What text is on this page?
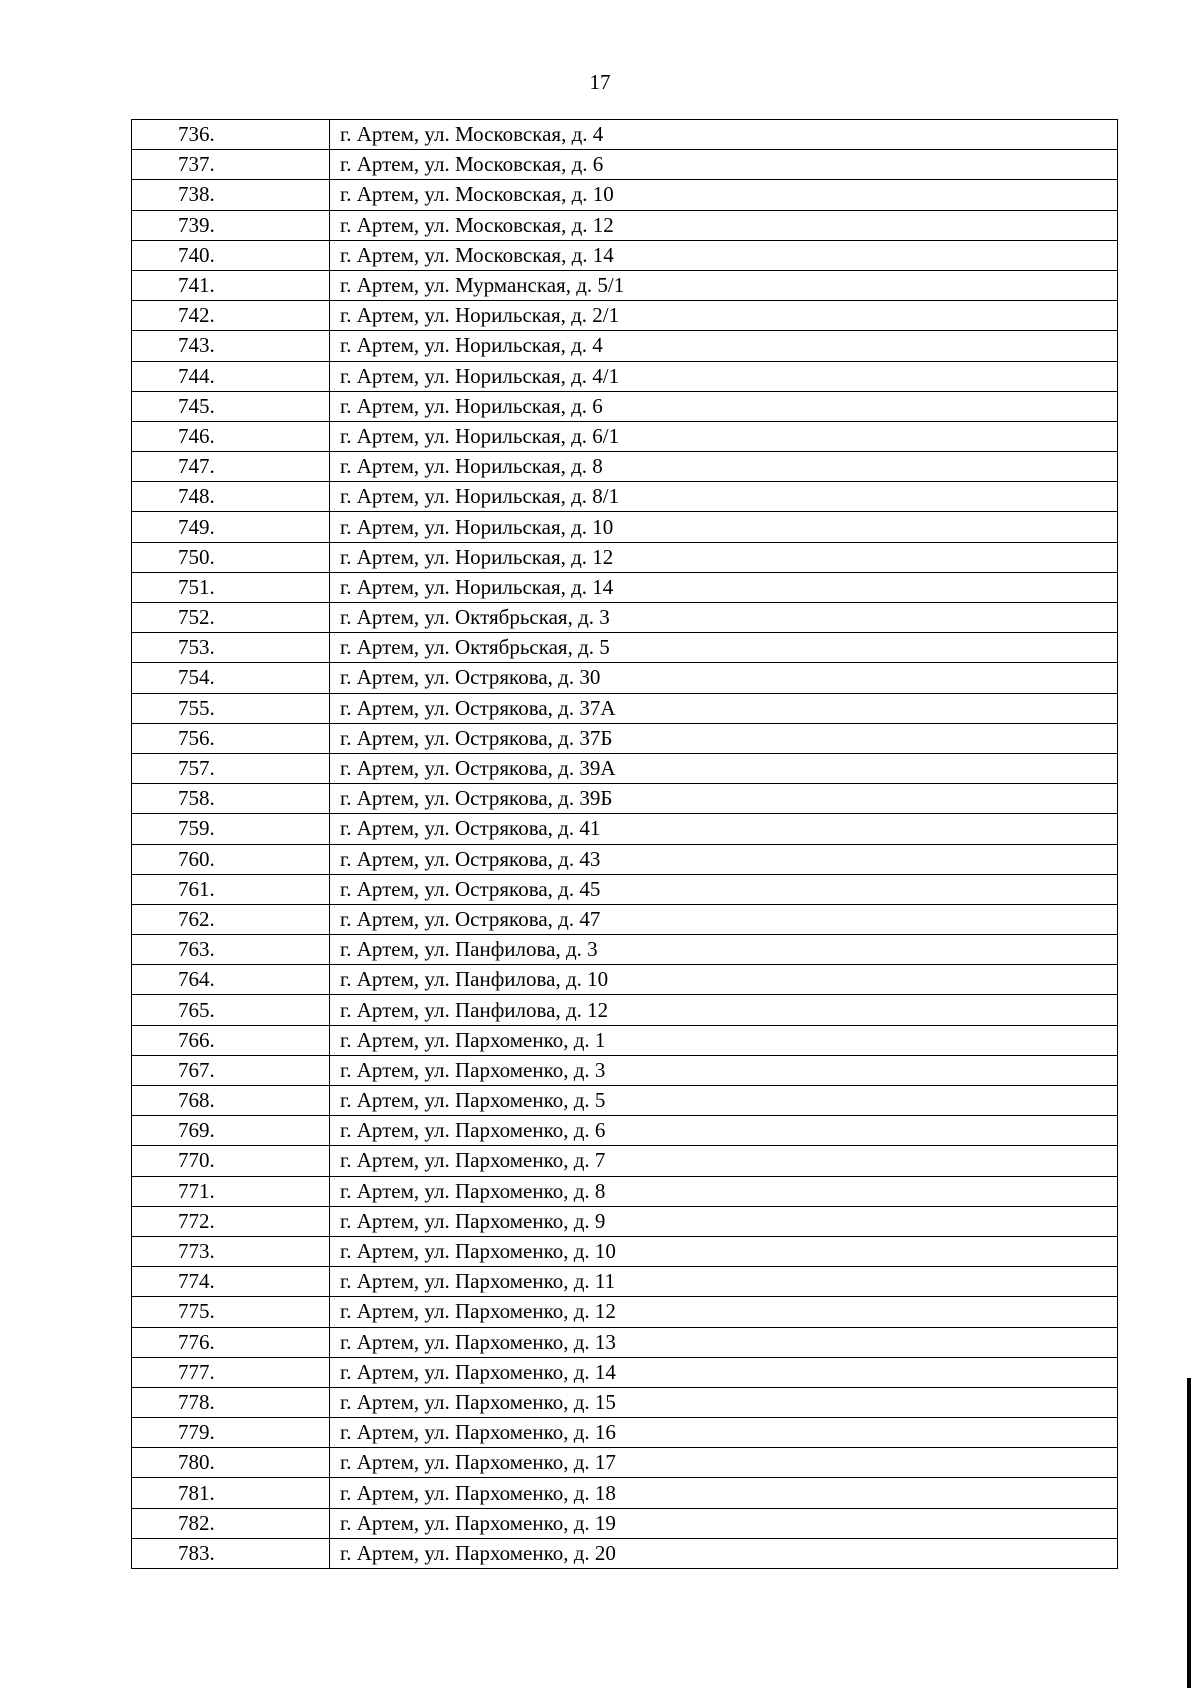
17
736.	г. Артем, ул. Московская, д. 4
737.	г. Артем, ул. Московская, д. 6
738.	г. Артем, ул. Московская, д. 10
739.	г. Артем, ул. Московская, д. 12
740.	г. Артем, ул. Московская, д. 14
741.	г. Артем, ул. Мурманская, д. 5/1
742.	г. Артем, ул. Норильская, д. 2/1
743.	г. Артем, ул. Норильская, д. 4
744.	г. Артем, ул. Норильская, д. 4/1
745.	г. Артем, ул. Норильская, д. 6
746.	г. Артем, ул. Норильская, д. 6/1
747.	г. Артем, ул. Норильская, д. 8
748.	г. Артем, ул. Норильская, д. 8/1
749.	г. Артем, ул. Норильская, д. 10
750.	г. Артем, ул. Норильская, д. 12
751.	г. Артем, ул. Норильская, д. 14
752.	г. Артем, ул. Октябрьская, д. 3
753.	г. Артем, ул. Октябрьская, д. 5
754.	г. Артем, ул. Острякова, д. 30
755.	г. Артем, ул. Острякова, д. 37А
756.	г. Артем, ул. Острякова, д. 37Б
757.	г. Артем, ул. Острякова, д. 39А
758.	г. Артем, ул. Острякова, д. 39Б
759.	г. Артем, ул. Острякова, д. 41
760.	г. Артем, ул. Острякова, д. 43
761.	г. Артем, ул. Острякова, д. 45
762.	г. Артем, ул. Острякова, д. 47
763.	г. Артем, ул. Панфилова, д. 3
764.	г. Артем, ул. Панфилова, д. 10
765.	г. Артем, ул. Панфилова, д. 12
766.	г. Артем, ул. Пархоменко, д. 1
767.	г. Артем, ул. Пархоменко, д. 3
768.	г. Артем, ул. Пархоменко, д. 5
769.	г. Артем, ул. Пархоменко, д. 6
770.	г. Артем, ул. Пархоменко, д. 7
771.	г. Артем, ул. Пархоменко, д. 8
772.	г. Артем, ул. Пархоменко, д. 9
773.	г. Артем, ул. Пархоменко, д. 10
774.	г. Артем, ул. Пархоменко, д. 11
775.	г. Артем, ул. Пархоменко, д. 12
776.	г. Артем, ул. Пархоменко, д. 13
777.	г. Артем, ул. Пархоменко, д. 14
778.	г. Артем, ул. Пархоменко, д. 15
779.	г. Артем, ул. Пархоменко, д. 16
780.	г. Артем, ул. Пархоменко, д. 17
781.	г. Артем, ул. Пархоменко, д. 18
782.	г. Артем, ул. Пархоменко, д. 19
783.	г. Артем, ул. Пархоменко, д. 20
